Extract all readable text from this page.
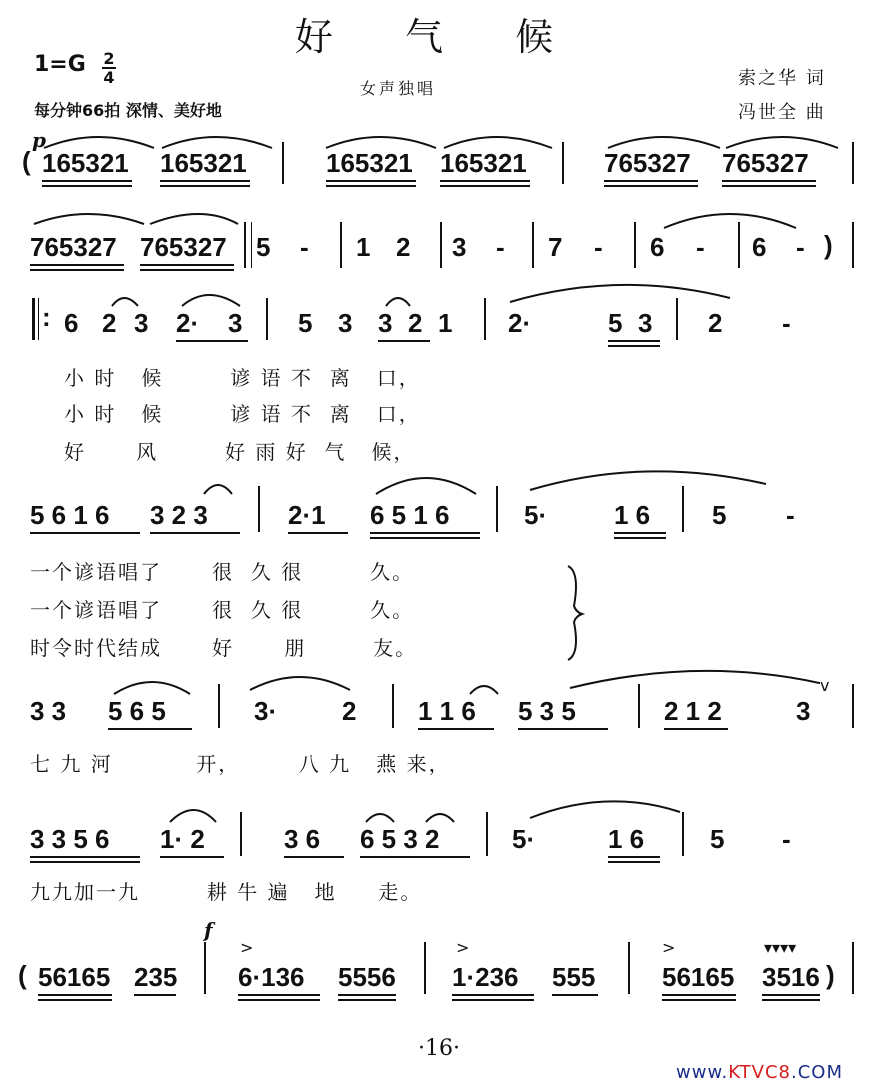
好 气 候
1=G 2
4
每分钟66拍 深情、美好地
女声独唱	索之华 词
冯世全 曲
p
( 165321 165321	165321 165321	765327 765327
765327 765327 5 - 1 2 3 - 7 - 6 - 6 - )
: 6 2 3 2· 3 5 3 3 2 1 2·	5 3 2 -
小 时   候        谚 语 不  离   口，
小 时   候        谚 语 不  离   口，
好      风        好 雨 好  气   候，
5 6 1 6 3 2 3	2·1 6 5 1 6	5·	1 6 5 -
一个谚语唱了      很  久 很        久。
一个谚语唱了      很  久 很        久。
时令时代结成      好      朋        友。
3 3 5 6 5	3· 2 1 1 6 5 3 5	2 1 2	3
v
七 九 河          开，       八 九   燕 来，
3 3 5 6 1· 2	3 6 6 5 3 2	5·	1 6	5 -
九九加一九        耕 牛 遍   地     走。
f
( 56165 235
>
6·136 5556
>
1·236 555
>	▾▾▾▾
56165 3516 )
·16·
www.KTVC8.COM
